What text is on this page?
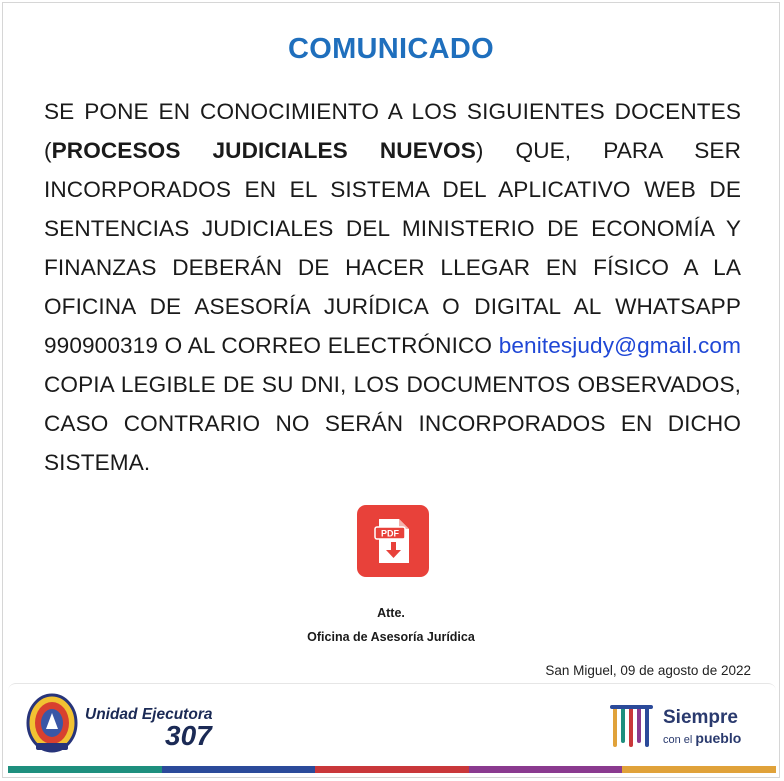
COMUNICADO
SE PONE EN CONOCIMIENTO A LOS SIGUIENTES DOCENTES (PROCESOS JUDICIALES NUEVOS) QUE, PARA SER INCORPORADOS EN EL SISTEMA DEL APLICATIVO WEB DE SENTENCIAS JUDICIALES DEL MINISTERIO DE ECONOMÍA Y FINANZAS DEBERÁN DE HACER LLEGAR EN FÍSICO A LA OFICINA DE ASESORÍA JURÍDICA O DIGITAL AL WHATSAPP 990900319 O AL CORREO ELECTRÓNICO benitesjudy@gmail.com COPIA LEGIBLE DE SU DNI, LOS DOCUMENTOS OBSERVADOS, CASO CONTRARIO NO SERÁN INCORPORADOS EN DICHO SISTEMA.
PDF
Atte.
Oficina de Asesoría Jurídica
San Miguel, 09 de agosto de 2022
Unidad Ejecutora
307
Siempre
con el pueblo
